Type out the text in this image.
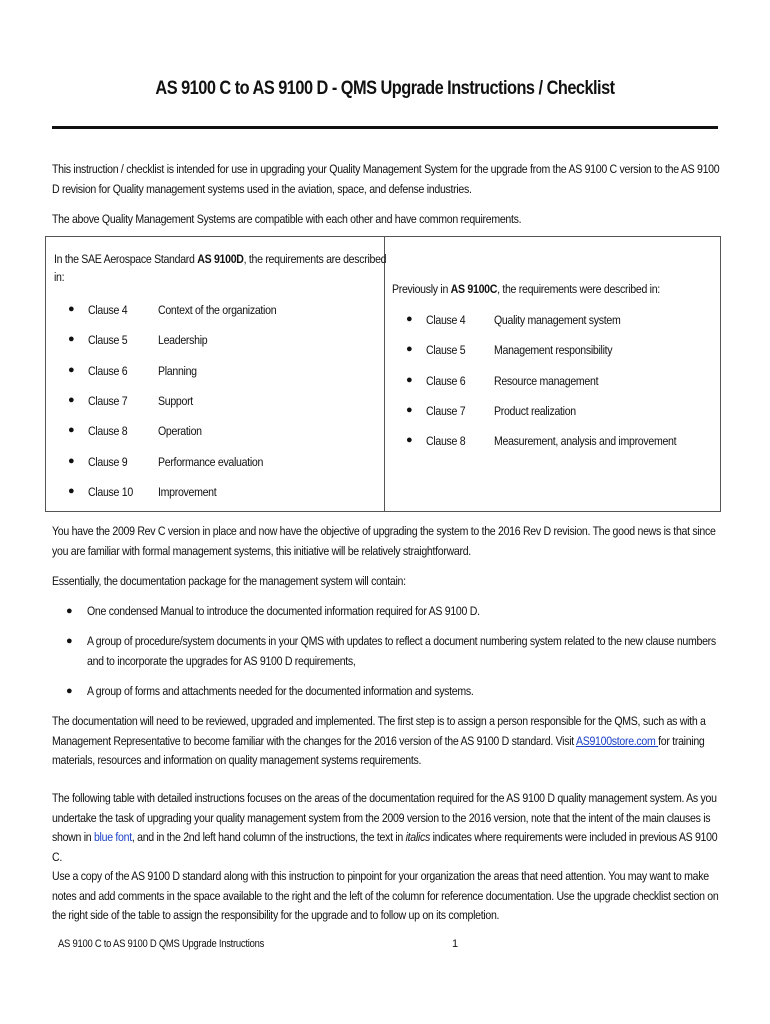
AS 9100 C to AS 9100 D - QMS Upgrade Instructions / Checklist
This instruction / checklist is intended for use in upgrading your Quality Management System for the upgrade from the AS 9100 C version to the AS 9100
D revision for Quality management systems used in the aviation, space, and defense industries.
The above Quality Management Systems are compatible with each other and have common requirements.
In the SAE Aerospace Standard AS 9100D, the requirements are described
in:
● Clause 4 Context of the organization
● Clause 5 Leadership
● Clause 6 Planning
● Clause 7 Support
● Clause 8 Operation
● Clause 9 Performance evaluation
● Clause 10 Improvement
Previously in AS 9100C, the requirements were described in:
● Clause 4 Quality management system
● Clause 5 Management responsibility
● Clause 6 Resource management
● Clause 7 Product realization
● Clause 8 Measurement, analysis and improvement
You have the 2009 Rev C version in place and now have the objective of upgrading the system to the 2016 Rev D revision. The good news is that since
you are familiar with formal management systems, this initiative will be relatively straightforward.
Essentially, the documentation package for the management system will contain:
● One condensed Manual to introduce the documented information required for AS 9100 D.
● A group of procedure/system documents in your QMS with updates to reflect a document numbering system related to the new clause numbers
and to incorporate the upgrades for AS 9100 D requirements,
● A group of forms and attachments needed for the documented information and systems.
The documentation will need to be reviewed, upgraded and implemented. The first step is to assign a person responsible for the QMS, such as with a
Management Representative to become familiar with the changes for the 2016 version of the AS 9100 D standard. Visit AS9100store.com for training
materials, resources and information on quality management systems requirements.
The following table with detailed instructions focuses on the areas of the documentation required for the AS 9100 D quality management system. As you
undertake the task of upgrading your quality management system from the 2009 version to the 2016 version, note that the intent of the main clauses is
shown in blue font, and in the 2nd left hand column of the instructions, the text in italics indicates where requirements were included in previous AS 9100
C.
Use a copy of the AS 9100 D standard along with this instruction to pinpoint for your organization the areas that need attention. You may want to make
notes and add comments in the space available to the right and the left of the column for reference documentation. Use the upgrade checklist section on
the right side of the table to assign the responsibility for the upgrade and to follow up on its completion.
AS 9100 C to AS 9100 D QMS Upgrade Instructions	1
